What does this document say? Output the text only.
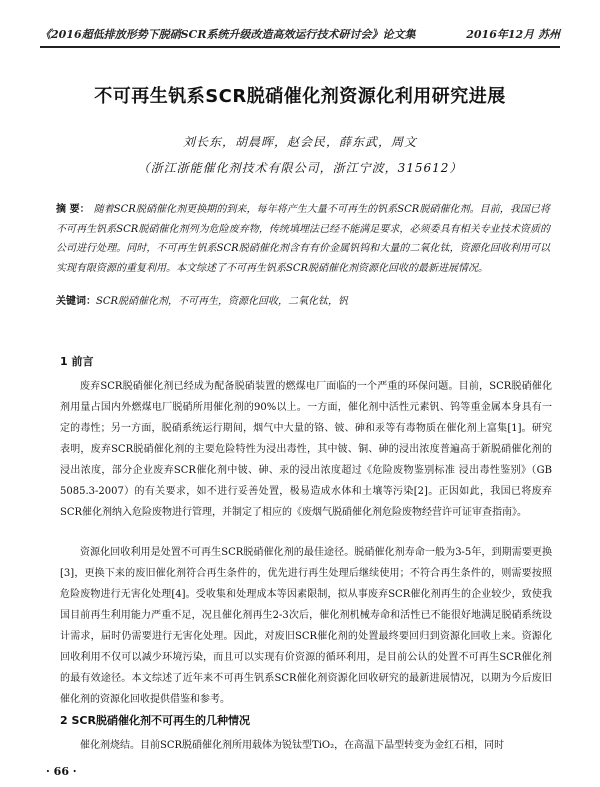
《2016超低排放形势下脱硝SCR系统升级改造高效运行技术研讨会》论文集	2016年12月 苏州
不可再生钒系SCR脱硝催化剂资源化利用研究进展
刘长东，胡晨晖，赵会民，薛东武，周文
（浙江浙能催化剂技术有限公司，浙江宁波，315612）
摘 要： 随着SCR脱硝催化剂更换期的到来，每年将产生大量不可再生的钒系SCR脱硝催化剂。目前，我国已将不可再生钒系SCR脱硝催化剂列为危险废弃物，传统填埋法已经不能满足要求，必须委具有相关专业技术资质的公司进行处理。同时，不可再生钒系SCR脱硝催化剂含有有价金属钒钨和大量的二氧化钛，资源化回收利用可以实现有限资源的重复利用。本文综述了不可再生钒系SCR脱硝催化剂资源化回收的最新进展情况。
关键词：SCR脱硝催化剂，不可再生，资源化回收，二氧化钛，钒
1 前言
废弃SCR脱硝催化剂已经成为配备脱硝装置的燃煤电厂面临的一个严重的环保问题。目前，SCR脱硝催化剂用量占国内外燃煤电厂脱硝所用催化剂的90%以上。一方面，催化剂中活性元素钒、钨等重金属本身具有一定的毒性；另一方面，脱硝系统运行期间，烟气中大量的铬、铍、砷和汞等有毒物质在催化剂上富集[1]。研究表明，废弃SCR脱硝催化剂的主要危险特性为浸出毒性，其中铍、铜、砷的浸出浓度普遍高于新脱硝催化剂的浸出浓度，部分企业废弃SCR催化剂中铍、砷、汞的浸出浓度超过《危险废物鉴别标准 浸出毒性鉴别》（GB 5085.3-2007）的有关要求，如不进行妥善处置，极易造成水体和土壤等污染[2]。正因如此，我国已将废弃SCR催化剂纳入危险废物进行管理，并制定了相应的《废烟气脱硝催化剂危险废物经营许可证审查指南》。
资源化回收利用是处置不可再生SCR脱硝催化剂的最佳途径。脱硝催化剂寿命一般为3-5年，到期需要更换[3]，更换下来的废旧催化剂符合再生条件的，优先进行再生处理后继续使用；不符合再生条件的，则需要按照危险废物进行无害化处理[4]。受收集和处理成本等因素限制，拟从事废弃SCR催化剂再生的企业较少，致使我国目前再生利用能力严重不足，况且催化剂再生2-3次后，催化剂机械寿命和活性已不能很好地满足脱硝系统设计需求，届时仍需要进行无害化处理。因此，对废旧SCR催化剂的处置最终要回归到资源化回收上来。资源化回收利用不仅可以减少环境污染，而且可以实现有价资源的循环利用，是目前公认的处置不可再生SCR催化剂的最有效途径。本文综述了近年来不可再生钒系SCR催化剂资源化回收研究的最新进展情况，以期为今后废旧催化剂的资源化回收提供借鉴和参考。
2 SCR脱硝催化剂不可再生的几种情况
催化剂烧结。目前SCR脱硝催化剂所用载体为锐钛型TiO₂，在高温下晶型转变为金红石相，同时
· 66 ·
